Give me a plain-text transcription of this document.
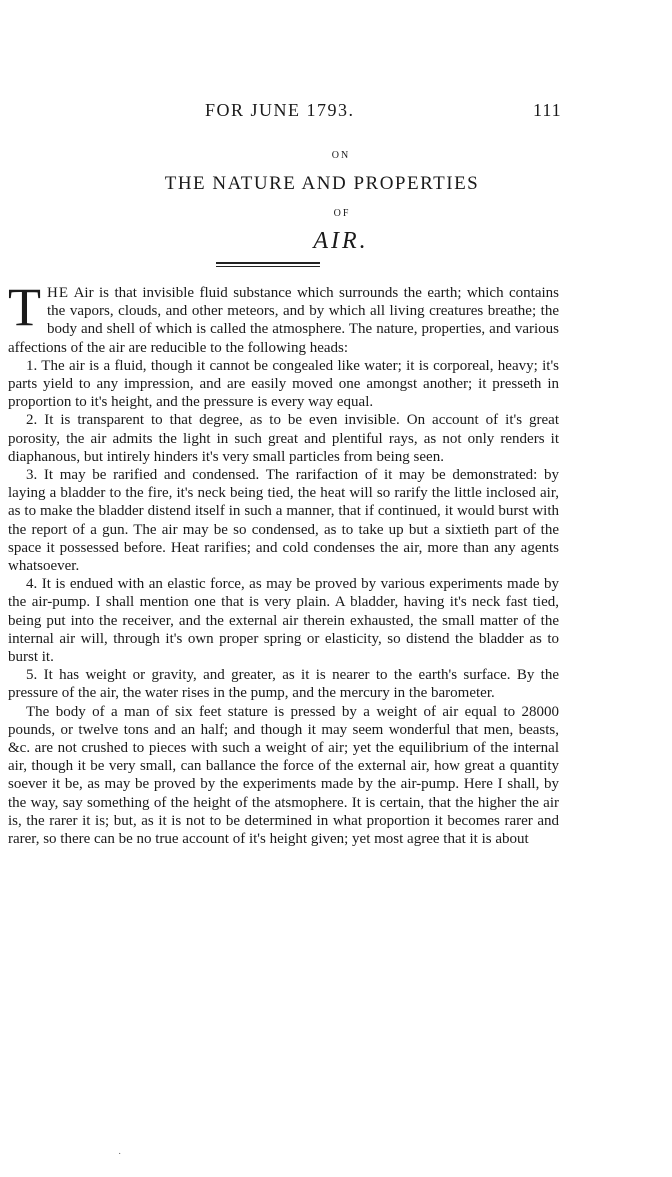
FOR JUNE 1793.	111
ON
THE NATURE AND PROPERTIES
OF
AIR.

THE Air is that invisible fluid substance which surrounds the earth; which contains the vapors, clouds, and other meteors, and by which all living creatures breathe; the body and shell of which is called the atmosphere. The nature, properties, and various affections of the air are reducible to the following heads:

1. The air is a fluid, though it cannot be congealed like water; it is corporeal, heavy; it's parts yield to any impression, and are easily moved one amongst another; it presseth in proportion to it's height, and the pressure is every way equal.

2. It is transparent to that degree, as to be even invisible. On account of it's great porosity, the air admits the light in such great and plentiful rays, as not only renders it diaphanous, but intirely hinders it's very small particles from being seen.

3. It may be rarified and condensed. The rarifaction of it may be demonstrated: by laying a bladder to the fire, it's neck being tied, the heat will so rarify the little inclosed air, as to make the bladder distend itself in such a manner, that if continued, it would burst with the report of a gun. The air may be so condensed, as to take up but a sixtieth part of the space it possessed before. Heat rarifies; and cold condenses the air, more than any agents whatsoever.

4. It is endued with an elastic force, as may be proved by various experiments made by the air-pump. I shall mention one that is very plain. A bladder, having it's neck fast tied, being put into the receiver, and the external air therein exhausted, the small matter of the internal air will, through it's own proper spring or elasticity, so distend the bladder as to burst it.

5. It has weight or gravity, and greater, as it is nearer to the earth's surface. By the pressure of the air, the water rises in the pump, and the mercury in the barometer.

The body of a man of six feet stature is pressed by a weight of air equal to 28000 pounds, or twelve tons and an half; and though it may seem wonderful that men, beasts, &c. are not crushed to pieces with such a weight of air; yet the equilibrium of the internal air, though it be very small, can ballance the force of the external air, how great a quantity soever it be, as may be proved by the experiments made by the air-pump. Here I shall, by the way, say something of the height of the atsmophere. It is certain, that the higher the air is, the rarer it is; but, as it is not to be determined in what proportion it becomes rarer and rarer, so there can be no true account of it's height given; yet most agree that it is about

˙
